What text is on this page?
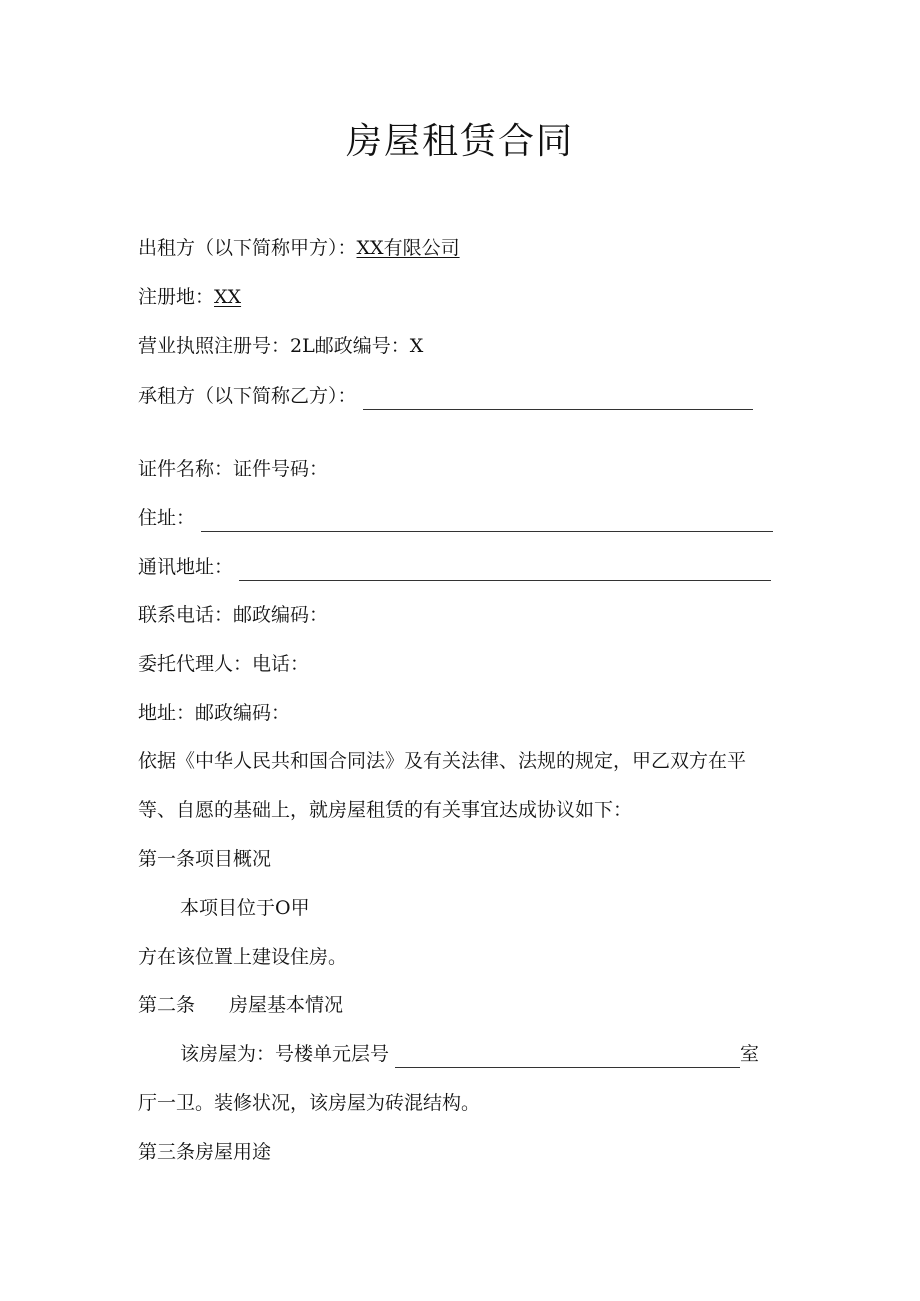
房屋租赁合同
出租方（以下简称甲方）：XX有限公司
注册地：XX
营业执照注册号：2L邮政编号：X
承租方（以下简称乙方）：
证件名称：证件号码：
住址：
通讯地址：
联系电话：邮政编码：
委托代理人：电话：
地址：邮政编码：
依据《中华人民共和国合同法》及有关法律、法规的规定，甲乙双方在平
等、自愿的基础上，就房屋租赁的有关事宜达成协议如下：
第一条项目概况
本项目位于O甲
方在该位置上建设住房。
第二条 房屋基本情况
该房屋为：号楼单元层号	室
厅一卫。装修状况，该房屋为砖混结构。
第三条房屋用途
